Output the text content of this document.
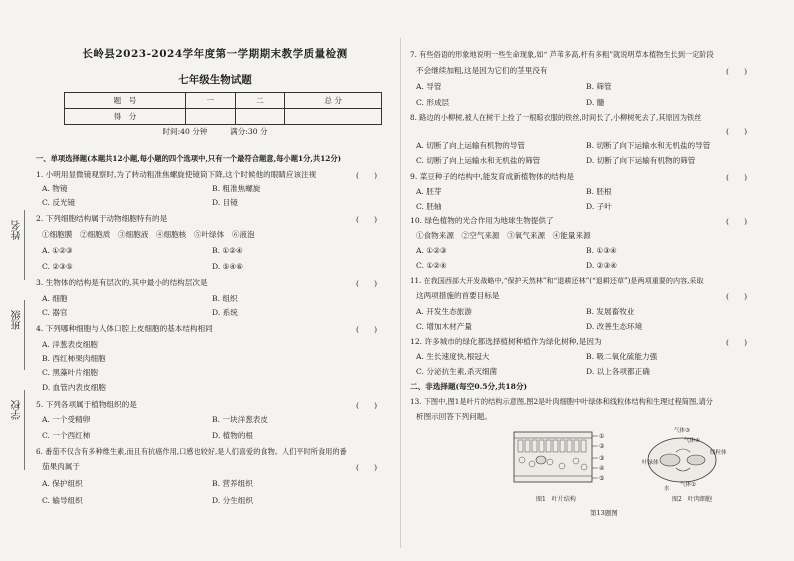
姓名
班级
学校
长岭县2023-2024学年度第一学期期末教学质量检测
七年级生物试题
题　号	一	二	总 分
得　分			
时间:40 分钟　　　满分:30 分
一、单项选择题(本题共12小题,每小题的四个选项中,只有一个最符合题意,每小题1分,共12分)
1. 小明用显微镜观察时,为了转动粗准焦螺旋使镜筒下降,这个时候他的眼睛应该注视	(　　)
A. 物镜	B. 粗准焦螺旋
C. 反光镜	D. 目镜
2. 下列细胞结构属于动物细胞特有的是	(　　)
①细胞膜　②细胞质　③细胞液　④细胞核　⑤叶绿体　⑥液泡
A. ①②③	B. ①②④
C. ②③⑤	D. ⑤④⑥
3. 生物体的结构是有层次的,其中最小的结构层次是	(　　)
A. 细胞	B. 组织
C. 器官	D. 系统
4. 下列哪种细胞与人体口腔上皮细胞的基本结构相同	(　　)
A. 洋葱表皮细胞
B. 西红柿果肉细胞
C. 黑藻叶片细胞
D. 血管内表皮细胞
5. 下列各项属于植物组织的是	(　　)
A. 一个受精卵	B. 一块洋葱表皮
C. 一个西红柿	D. 植物的根
6. 番茄不仅含有多种维生素,而且有抗癌作用,口感也较好,是人们喜爱的食物。人们平时所食用的番
茄果肉属于	(　　)
A. 保护组织	B. 营养组织
C. 输导组织	D. 分生组织
7. 有些俗语的形象地说明一些生命现象,如“ 芦苇多高,杆有多粗”就说明草本植物生长到一定阶段
不会继续加粗,这是因为它们的茎里没有	(　　)
A. 导管	B. 筛管
C. 形成层	D. 髓
8. 路边的小柳树,被人在树干上拴了一根晾衣服的铁丝,时间长了,小柳树死去了,其原因为铁丝
(　　)
A. 切断了向上运输有机物的导管	B. 切断了向下运输水和无机盐的导管
C. 切断了向上运输水和无机盐的筛管	D. 切断了向下运输有机物的筛管
9. 菜豆种子的结构中,能发育成新植物体的结构是	(　　)
A. 胚芽	B. 胚根
C. 胚轴	D. 子叶
10. 绿色植物的光合作用为地球生物提供了	(　　)
①食物来源　②空气来源　③氧气来源　④能量来源
A. ①②③	B. ①③④
C. ①②④	D. ②③④
11. 在我国西部大开发战略中,“保护天然林”和“退耕还林”(“退耕还草”)是两项重要的内容,采取
这两项措施的首要目标是	(　　)
A. 开发生态旅游	B. 发展畜牧业
C. 增加木材产量	D. 改善生态环境
12. 许多城市的绿化都选择植树种植作为绿化树种,是因为	(　　)
A. 生长速度快,根冠大	B. 吸二氧化硫能力强
C. 分泌抗生素,杀灭细菌	D. 以上各项都正确
二、非选择题(每空0.5分,共18分)
13. 下图中,图1是叶片的结构示意图,图2是叶肉细胞中叶绿体和线粒体结构和生理过程简图,请分
析图示回答下列问题。
①
②
③
④
⑤
图1　叶片结构
气体③
气体④
叶绿体
线粒体
气体②
水
图2　叶肉细胞
第13题图
